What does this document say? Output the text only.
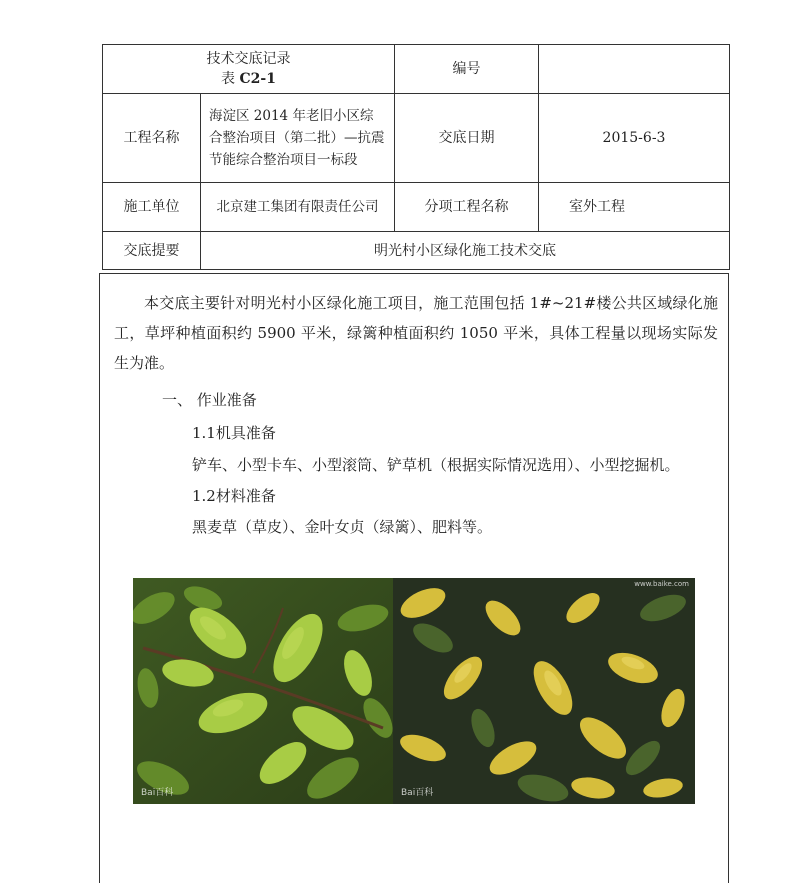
技术交底记录
表 C2-1		编号	
工程名称	海淀区 2014 年老旧小区综合整治项目（第二批）—抗震节能综合整治项目一标段	交底日期	2015-6-3
施工单位	北京建工集团有限责任公司	分项工程名称	室外工程
交底提要	明光村小区绿化施工技术交底		

本交底主要针对明光村小区绿化施工项目，施工范围包括 1#~21#楼公共区域绿化施工，草坪种植面积约 5900 平米，绿篱种植面积约 1050 平米，具体工程量以现场实际发生为准。

一、 作业准备
1.1机具准备
铲车、小型卡车、小型滚筒、铲草机（根据实际情况选用）、小型挖掘机。
1.2材料准备
黑麦草（草皮）、金叶女贞（绿篱）、肥料等。
Bai百科
www.baike.com
Bai百科
